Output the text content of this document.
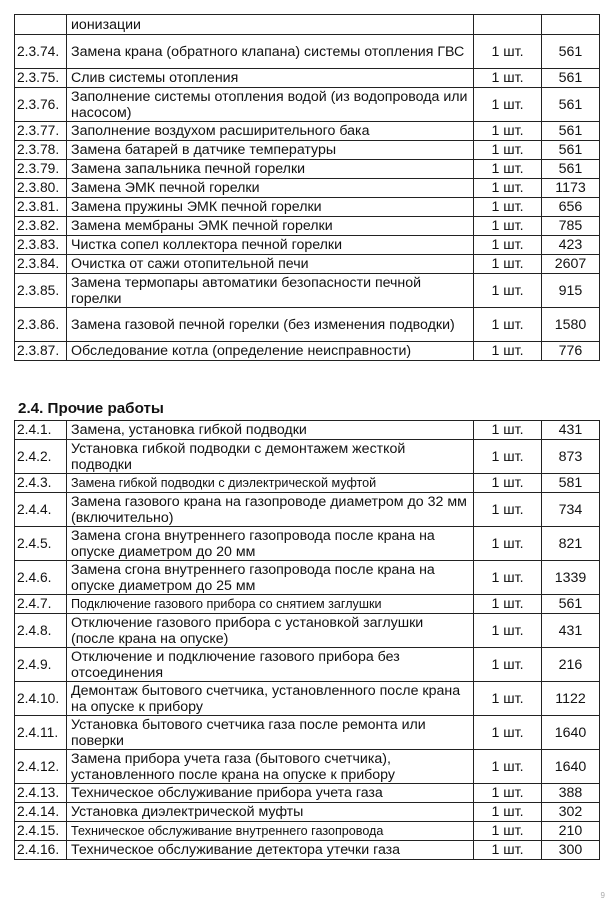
	ионизации		
2.3.74.	Замена крана (обратного клапана) системы отопления ГВС	1 шт.	561
2.3.75.	Слив системы отопления	1 шт.	561
2.3.76.	Заполнение системы отопления водой (из водопровода или насосом)	1 шт.	561
2.3.77.	Заполнение воздухом расширительного бака	1 шт.	561
2.3.78.	Замена батарей в датчике температуры	1 шт.	561
2.3.79.	Замена запальника печной горелки	1 шт.	561
2.3.80.	Замена ЭМК печной горелки	1 шт.	1173
2.3.81.	Замена пружины ЭМК печной горелки	1 шт.	656
2.3.82.	Замена мембраны ЭМК печной горелки	1 шт.	785
2.3.83.	Чистка сопел коллектора печной горелки	1 шт.	423
2.3.84.	Очистка от сажи отопительной печи	1 шт.	2607
2.3.85.	Замена термопары автоматики безопасности печной горелки	1 шт.	915
2.3.86.	Замена газовой печной горелки (без изменения подводки)	1 шт.	1580
2.3.87.	Обследование котла (определение неисправности)	1 шт.	776
2.4. Прочие работы
2.4.1.	Замена, установка гибкой подводки	1 шт.	431
2.4.2.	Установка гибкой подводки с демонтажем жесткой подводки	1 шт.	873
2.4.3.	Замена гибкой подводки с диэлектрической муфтой	1 шт.	581
2.4.4.	Замена газового крана на газопроводе диаметром до 32 мм (включительно)	1 шт.	734
2.4.5.	Замена сгона внутреннего газопровода после крана на опуске диаметром до 20 мм	1 шт.	821
2.4.6.	Замена сгона внутреннего газопровода после крана на опуске диаметром до 25 мм	1 шт.	1339
2.4.7.	Подключение газового прибора со снятием заглушки	1 шт.	561
2.4.8.	Отключение газового прибора с установкой заглушки (после крана на опуске)	1 шт.	431
2.4.9.	Отключение и подключение газового прибора без отсоединения	1 шт.	216
2.4.10.	Демонтаж бытового счетчика, установленного после крана на опуске к прибору	1 шт.	1122
2.4.11.	Установка бытового счетчика газа после ремонта или поверки	1 шт.	1640
2.4.12.	Замена прибора учета газа (бытового счетчика), установленного после крана на опуске к прибору	1 шт.	1640
2.4.13.	Техническое обслуживание прибора учета газа	1 шт.	388
2.4.14.	Установка диэлектрической муфты	1 шт.	302
2.4.15.	Техническое обслуживание внутреннего газопровода	1 шт.	210
2.4.16.	Техническое обслуживание детектора утечки газа	1 шт.	300
9
